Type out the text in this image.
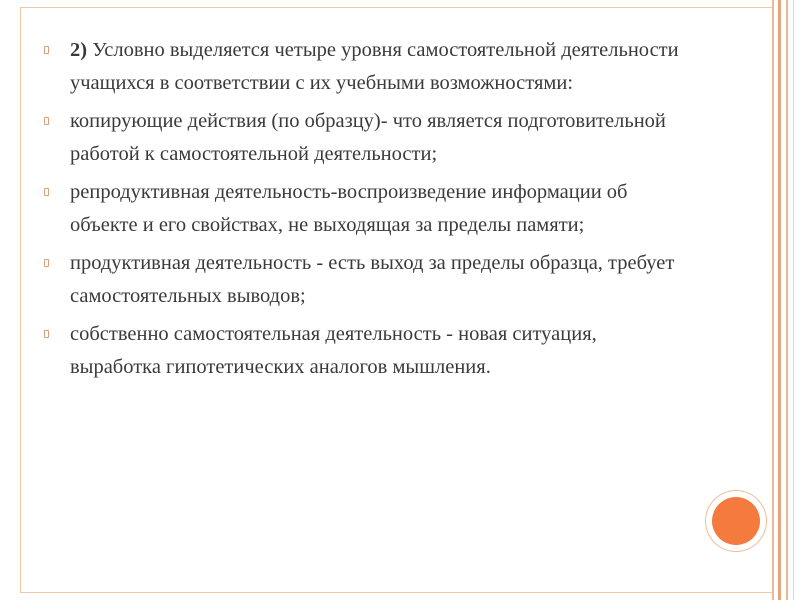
2) Условно выделяется четыре уровня самостоятельной деятельности учащихся в соответствии с их учебными возможностями:

копирующие действия (по образцу)- что является подготовительной работой к самостоятельной деятельности;

репродуктивная деятельность-воспроизведение информации об объекте и его свойствах, не выходящая за пределы памяти;

продуктивная деятельность - есть выход за пределы образца, требует самостоятельных выводов;

собственно самостоятельная деятельность - новая ситуация, выработка гипотетических аналогов мышления.
